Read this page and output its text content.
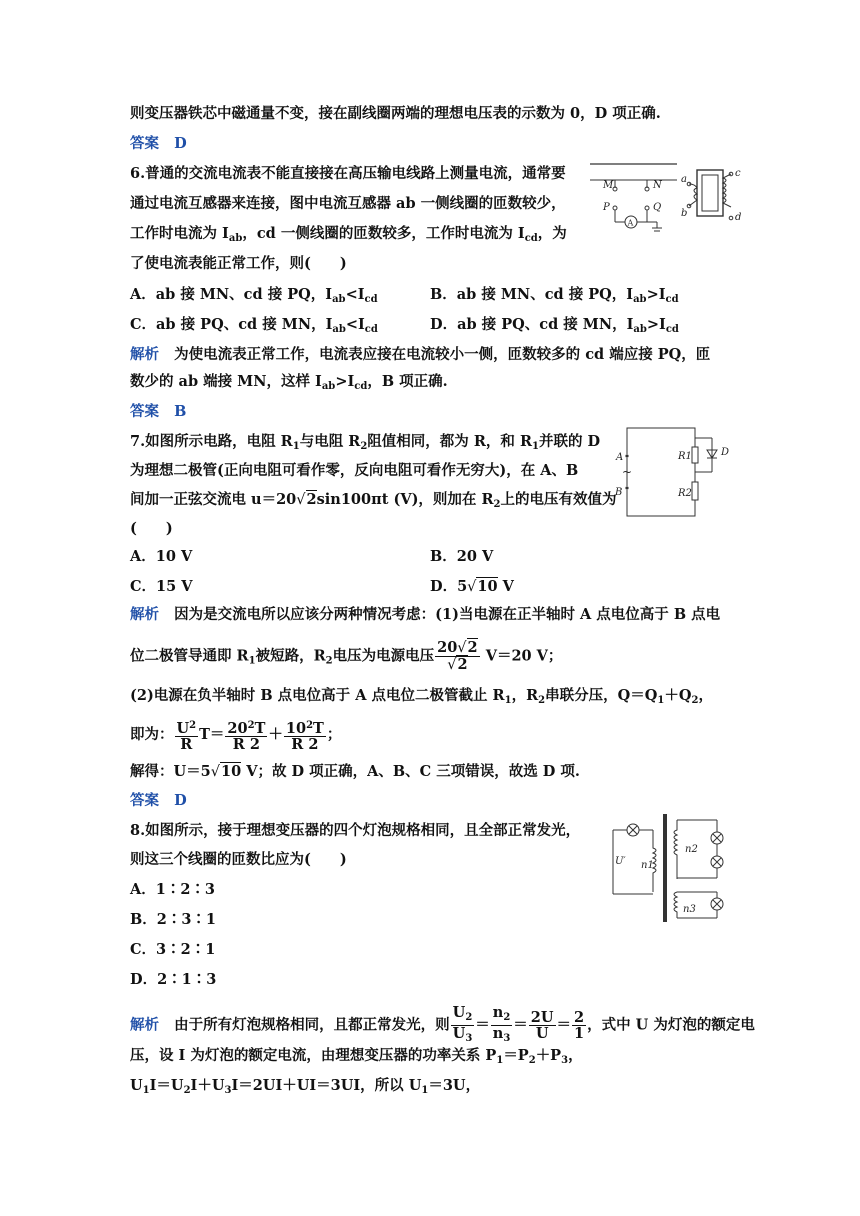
则变压器铁芯中磁通量不变，接在副线圈两端的理想电压表的示数为 0，D 项正确.
答案 D
6.普通的交流电流表不能直接接在高压输电线路上测量电流，通常要
通过电流互感器来连接，图中电流互感器 ab 一侧线圈的匝数较少，
工作时电流为 $I_{ab}$，cd 一侧线圈的匝数较多，工作时电流为 $I_{cd}$，为
了使电流表能正常工作，则(　　)
M	N
P	Q
A
a
b
c
d
A．ab 接 MN、cd 接 PQ，$I_{ab}<I_{cd}$	B．ab 接 MN、cd 接 PQ，$I_{ab}>I_{cd}$
C．ab 接 PQ、cd 接 MN，$I_{ab}<I_{cd}$	D．ab 接 PQ、cd 接 MN，$I_{ab}>I_{cd}$
解析 为使电流表正常工作，电流表应接在电流较小一侧，匝数较多的 cd 端应接 PQ，匝
数少的 ab 端接 MN，这样 $I_{ab}>I_{cd}$，B 项正确.
答案 B
7.如图所示电路，电阻 $R_1$与电阻 $R_2$阻值相同，都为 R，和 $R_1$并联的 D
为理想二极管(正向电阻可看作零，反向电阻可看作无穷大)，在 A、B
间加一正弦交流电 u＝20√2sin100πt (V)，则加在 $R_2$上的电压有效值为
(　　)
A
B
~
R1	D
R2
A．10 V	B．20 V
C．15 V	D．5√10 V
解析 因为是交流电所以应该分两种情况考虑：(1)当电源在正半轴时 A 点电位高于 B 点电
位二极管导通即 $R_1$被短路，$R_2$电压为电源电压 $\frac{20√2}{√2} V=20$ V；
(2)电源在负半轴时 B 点电位高于 A 点电位二极管截止 $R_1$，$R_2$串联分压，$Q=Q_1+Q_2$，
即为： $\frac{U^2}{R} T= \frac{20^2T}{R 2} + \frac{10^2T}{R 2}$ ；
解得：U＝5√10 V；故 D 项正确，A、B、C 三项错误，故选 D 项.
答案 D
8.如图所示，接于理想变压器的四个灯泡规格相同，且全部正常发光，
则这三个线圈的匝数比应为(　　)
A．1∶2∶3
B．2∶3∶1
C．3∶2∶1
D．2∶1∶3
U′ n1
n2
n3
解析 由于所有灯泡规格相同，且都正常发光，则 $\frac{U_2}{U_3} = \frac{n_2}{n_3} = \frac{2U}{U} = \frac{2}{1}$ ，式中 U 为灯泡的额定电
压，设 I 为灯泡的额定电流，由理想变压器的功率关系 $P_1=P_2+P_3$，
$U_1I=U_2I+U_3I=2UI+UI=3UI$，所以 $U_1=3U$，
